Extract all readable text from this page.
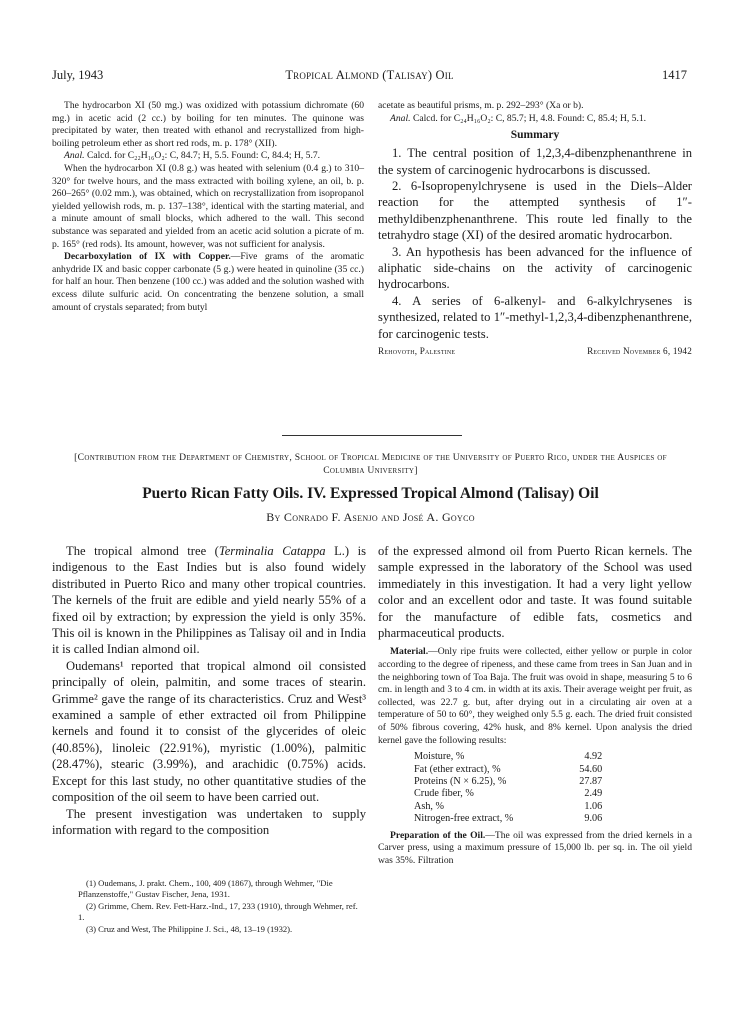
July, 1943	Tropical Almond (Talisay) Oil	1417

The hydrocarbon XI (50 mg.) was oxidized with potassium dichromate (60 mg.) in acetic acid (2 cc.) by boiling for ten minutes. The quinone was precipitated by water, then treated with ethanol and recrystallized from high-boiling petroleum ether as short red rods, m. p. 178° (XII).

Anal. Calcd. for C₂₂H₁₆O₂: C, 84.7; H, 5.5. Found: C, 84.4; H, 5.7.

When the hydrocarbon XI (0.8 g.) was heated with selenium (0.4 g.) to 310–320° for twelve hours, and the mass extracted with boiling xylene, an oil, b. p. 260–265° (0.02 mm.), was obtained, which on recrystallization from isopropanol yielded yellowish rods, m. p. 137–138°, identical with the starting material, and a minute amount of small blocks, which adhered to the wall. This second substance was separated and yielded from an acetic acid solution a picrate of m. p. 165° (red rods). Its amount, however, was not sufficient for analysis.

Decarboxylation of IX with Copper.—Five grams of the aromatic anhydride IX and basic copper carbonate (5 g.) were heated in quinoline (35 cc.) for half an hour. Then benzene (100 cc.) was added and the solution washed with excess dilute sulfuric acid. On concentrating the benzene solution, a small amount of crystals separated; from butyl

acetate as beautiful prisms, m. p. 292–293° (Xa or b).

Anal. Calcd. for C₂₄H₁₆O₂: C, 85.7; H, 4.8. Found: C, 85.4; H, 5.1.

Summary

1. The central position of 1,2,3,4-dibenzphenanthrene in the system of carcinogenic hydrocarbons is discussed.

2. 6-Isopropenylchrysene is used in the Diels–Alder reaction for the attempted synthesis of 1″-methyldibenzphenanthrene. This route led finally to the tetrahydro stage (XI) of the desired aromatic hydrocarbon.

3. An hypothesis has been advanced for the influence of aliphatic side-chains on the activity of carcinogenic hydrocarbons.

4. A series of 6-alkenyl- and 6-alkylchrysenes is synthesized, related to 1″-methyl-1,2,3,4-dibenzphenanthrene, for carcinogenic tests.

Rehovoth, Palestine	Received November 6, 1942
[Contribution from the Department of Chemistry, School of Tropical Medicine of the University of Puerto Rico, under the Auspices of Columbia University]
Puerto Rican Fatty Oils. IV. Expressed Tropical Almond (Talisay) Oil
By Conrado F. Asenjo and José A. Goyco

The tropical almond tree (Terminalia Catappa L.) is indigenous to the East Indies but is also found widely distributed in Puerto Rico and many other tropical countries. The kernels of the fruit are edible and yield nearly 55% of a fixed oil by extraction; by expression the yield is only 35%. This oil is known in the Philippines as Talisay oil and in India it is called Indian almond oil.

Oudemans¹ reported that tropical almond oil consisted principally of olein, palmitin, and some traces of stearin. Grimme² gave the range of its characteristics. Cruz and West³ examined a sample of ether extracted oil from Philippine kernels and found it to consist of the glycerides of oleic (40.85%), linoleic (22.91%), myristic (1.00%), palmitic (28.47%), stearic (3.99%), and arachidic (0.75%) acids. Except for this last study, no other quantitative studies of the composition of the oil seem to have been carried out.

The present investigation was undertaken to supply information with regard to the composition

(1) Oudemans, J. prakt. Chem., 100, 409 (1867), through Wehmer, "Die Pflanzenstoffe," Gustav Fischer, Jena, 1931.

(2) Grimme, Chem. Rev. Fett-Harz.-Ind., 17, 233 (1910), through Wehmer, ref. 1.

(3) Cruz and West, The Philippine J. Sci., 48, 13–19 (1932).

of the expressed almond oil from Puerto Rican kernels. The sample expressed in the laboratory of the School was used immediately in this investigation. It had a very light yellow color and an excellent odor and taste. It was found suitable for the manufacture of edible fats, cosmetics and pharmaceutical products.

Material.—Only ripe fruits were collected, either yellow or purple in color according to the degree of ripeness, and these came from trees in San Juan and in the neighboring town of Toa Baja. The fruit was ovoid in shape, measuring 5 to 6 cm. in length and 3 to 4 cm. in width at its axis. Their average weight per fruit, as collected, was 22.7 g. but, after drying out in a circulating air oven at a temperature of 50 to 60°, they weighed only 5.5 g. each. The dried fruit consisted of 50% fibrous covering, 42% husk, and 8% kernel. Upon analysis the dried kernel gave the following results:

Moisture, %	4.92
Fat (ether extract), %	54.60
Proteins (N × 6.25), %	27.87
Crude fiber, %	2.49
Ash, %	1.06
Nitrogen-free extract, %	9.06

Preparation of the Oil.—The oil was expressed from the dried kernels in a Carver press, using a maximum pressure of 15,000 lb. per sq. in. The oil yield was 35%. Filtration
